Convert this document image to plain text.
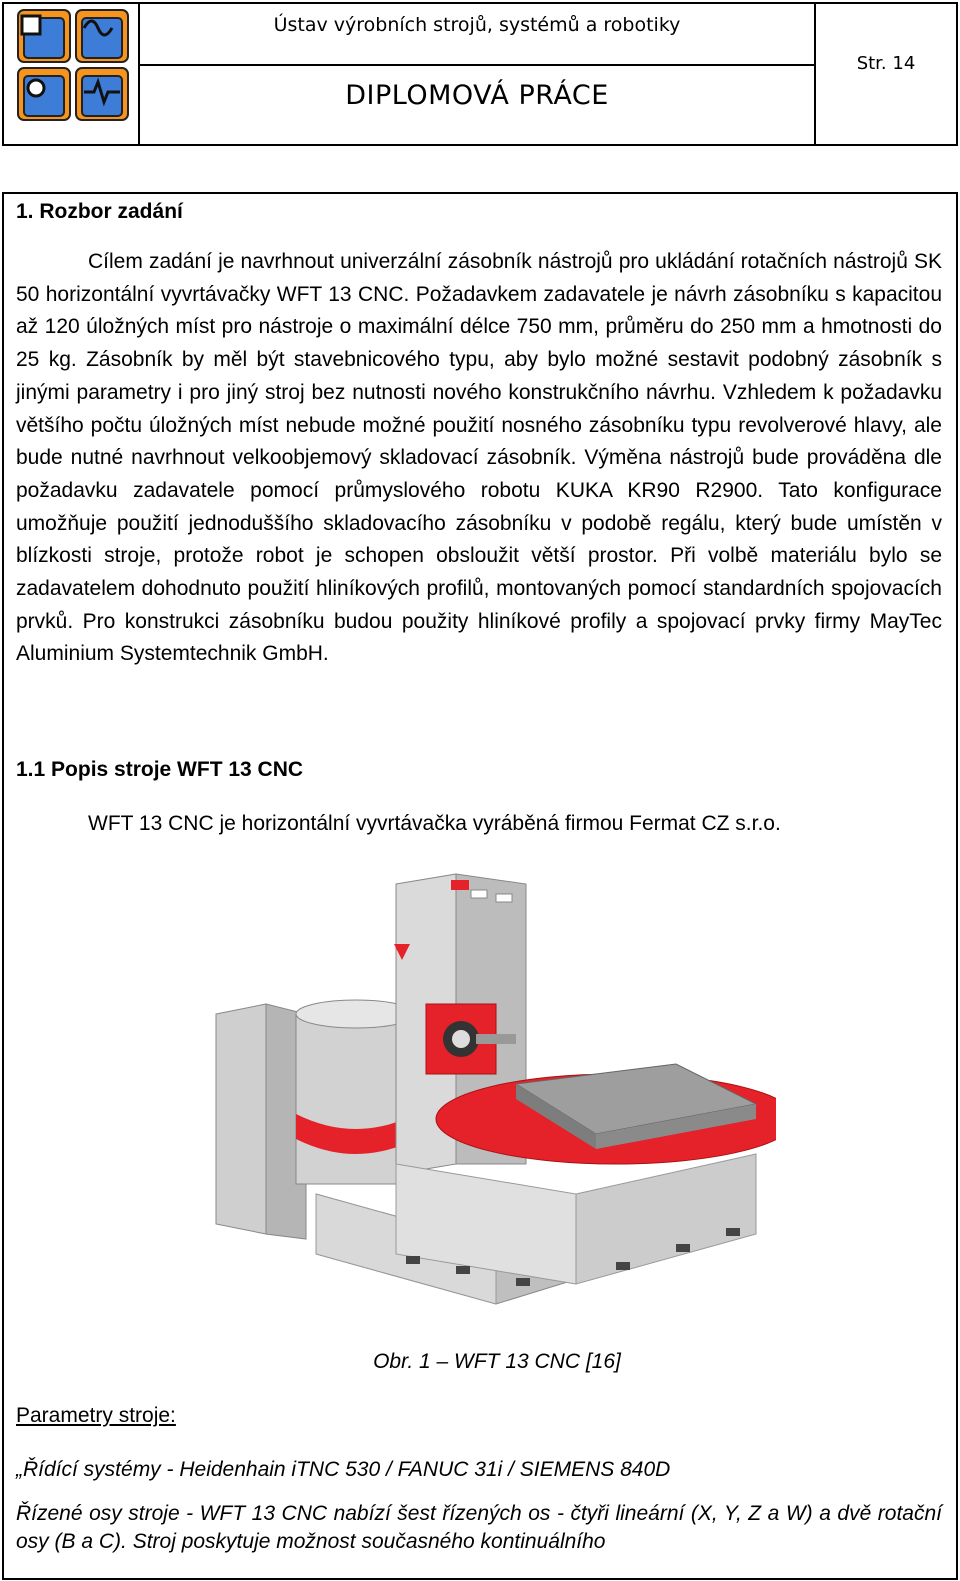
Ústav výrobních strojů, systémů a robotiky
DIPLOMOVÁ PRÁCE
Str. 14
1. Rozbor zadání
Cílem zadání je navrhnout univerzální zásobník nástrojů pro ukládání rotačních nástrojů SK 50 horizontální vyvrtávačky WFT 13 CNC. Požadavkem zadavatele je návrh zásobníku s kapacitou až 120 úložných míst pro nástroje o maximální délce 750 mm, průměru do 250 mm a hmotnosti do 25 kg. Zásobník by měl být stavebnicového typu, aby bylo možné sestavit podobný zásobník s jinými parametry i pro jiný stroj bez nutnosti nového konstrukčního návrhu. Vzhledem k požadavku většího počtu úložných míst nebude možné použití nosného zásobníku typu revolverové hlavy, ale bude nutné navrhnout velkoobjemový skladovací zásobník. Výměna nástrojů bude prováděna dle požadavku zadavatele pomocí průmyslového robotu KUKA KR90 R2900. Tato konfigurace umožňuje použití jednoduššího skladovacího zásobníku v podobě regálu, který bude umístěn v blízkosti stroje, protože robot je schopen obsloužit větší prostor. Při volbě materiálu bylo se zadavatelem dohodnuto použití hliníkových profilů, montovaných pomocí standardních spojovacích prvků. Pro konstrukci zásobníku budou použity hliníkové profily a spojovací prvky firmy MayTec Aluminium Systemtechnik GmbH.
1.1 Popis stroje WFT 13 CNC
WFT 13 CNC je horizontální vyvrtávačka vyráběná firmou Fermat CZ s.r.o.
Obr. 1 – WFT 13 CNC [16]
Parametry stroje:
„Řídící systémy - Heidenhain iTNC 530 / FANUC 31i / SIEMENS 840D
Řízené osy stroje - WFT 13 CNC nabízí šest řízených os - čtyři lineární (X, Y, Z a W) a dvě rotační osy (B a C). Stroj poskytuje možnost současného kontinuálního
